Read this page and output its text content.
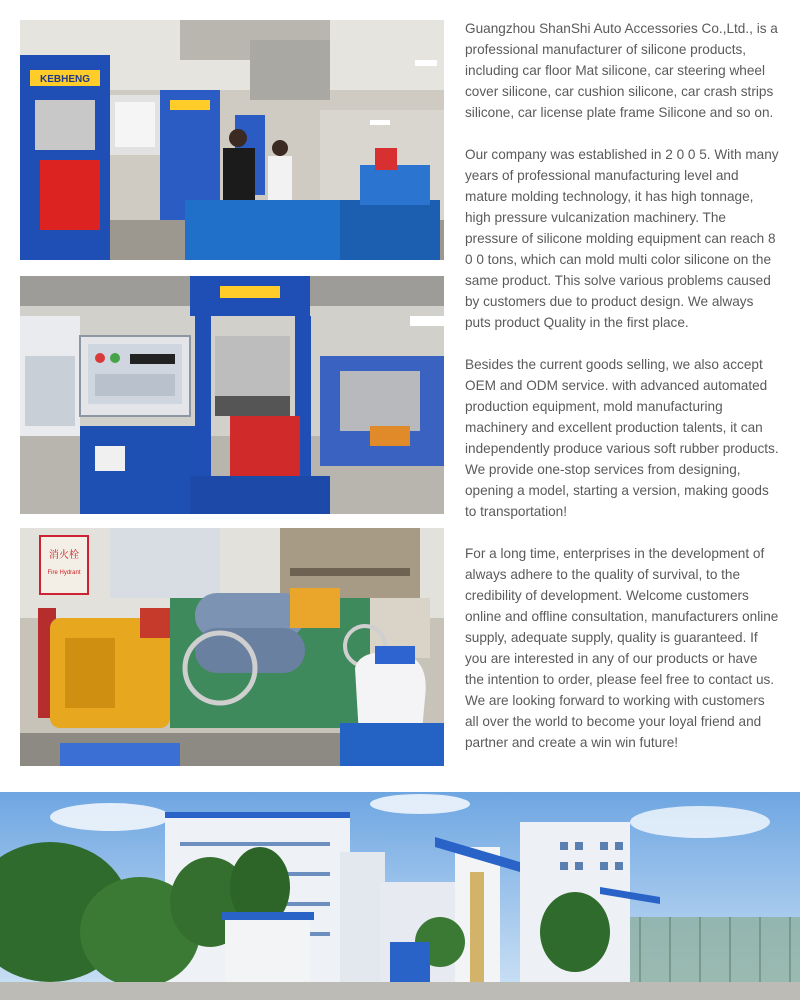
KEBHENG
消火栓
Fire Hydrant

Guangzhou ShanShi Auto Accessories Co.,Ltd., is a professional manufacturer of silicone products, including car floor Mat silicone, car steering wheel cover silicone, car cushion silicone, car crash strips silicone, car license plate frame Silicone and so on.

Our company was established in 2 0 0 5. With many years of professional manufacturing level and mature molding technology, it has high tonnage, high pressure vulcanization machinery. The pressure of silicone molding equipment can reach 8 0 0 tons, which can mold multi color silicone on the same product. This solve various problems caused by customers due to product design. We always puts product Quality in the first place.

Besides the current goods selling, we also accept OEM and ODM service. with advanced automated production equipment, mold manufacturing machinery and excellent production talents, it can independently produce various soft rubber products. We provide one-stop services from designing, opening a model, starting a version, making goods to transportation!

For a long time, enterprises in the development of always adhere to the quality of survival, to the credibility of development. Welcome customers online and offline consultation, manufacturers online supply, adequate supply, quality is guaranteed. If you are interested in any of our products or have the intention to order, please feel free to contact us. We are looking forward to working with customers all over the world to become your loyal friend and partner and create a win win future!
